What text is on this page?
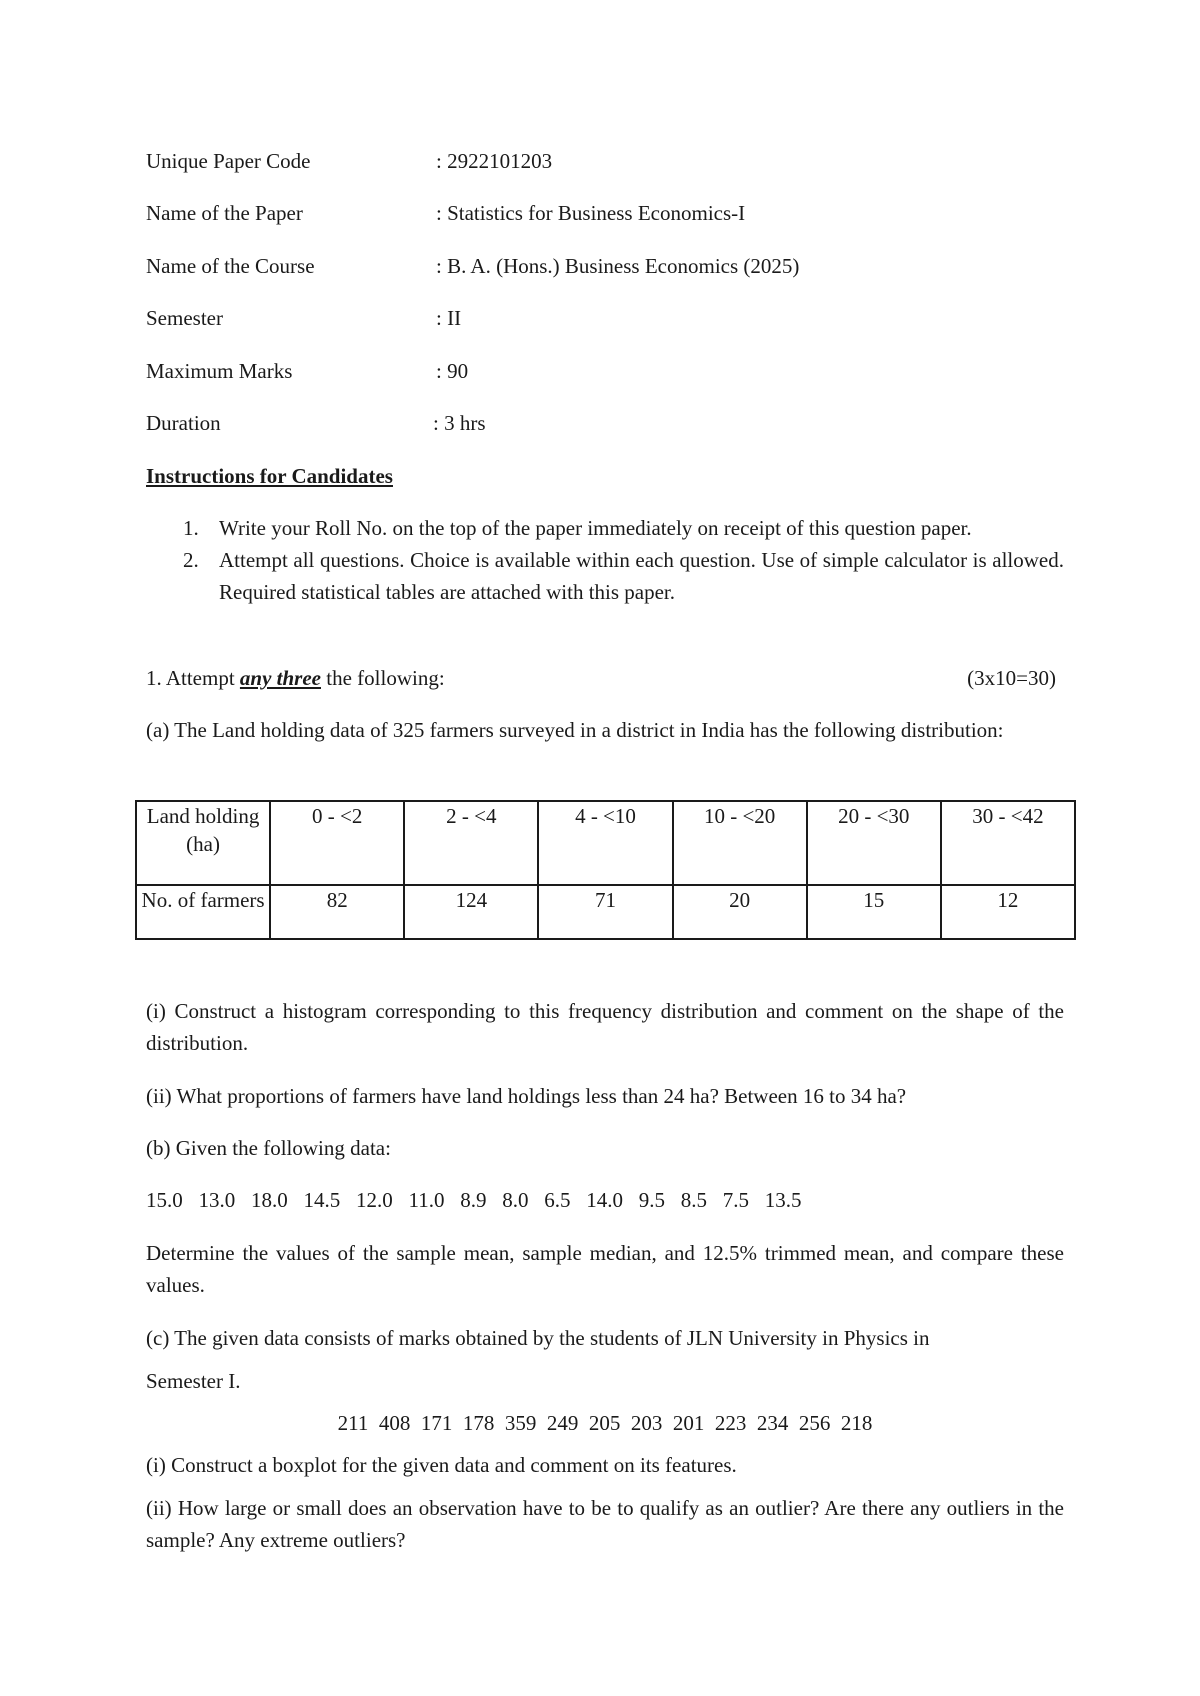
Unique Paper Code	: 2922101203
Name of the Paper	: Statistics for Business Economics-I
Name of the Course	: B. A. (Hons.) Business Economics (2025)
Semester	: II
Maximum Marks	: 90
Duration	: 3 hrs
Instructions for Candidates
1. Write your Roll No. on the top of the paper immediately on receipt of this question paper.
2. Attempt all questions. Choice is available within each question. Use of simple calculator is allowed. Required statistical tables are attached with this paper.
1. Attempt any three the following:	(3x10=30)
(a) The Land holding data of 325 farmers surveyed in a district in India has the following distribution:
Land holding (ha)	0 - <2	2 - <4	4 - <10	10 - <20	20 - <30	30 - <42
No. of farmers	82	124	71	20	15	12
(i) Construct a histogram corresponding to this frequency distribution and comment on the shape of the distribution.
(ii) What proportions of farmers have land holdings less than 24 ha? Between 16 to 34 ha?
(b) Given the following data:
15.0   13.0   18.0   14.5   12.0   11.0   8.9   8.0   6.5   14.0   9.5   8.5   7.5   13.5
Determine the values of the sample mean, sample median, and 12.5% trimmed mean, and compare these values.
(c) The given data consists of marks obtained by the students of JLN University in Physics in
Semester I.
211  408  171  178  359  249  205  203  201  223  234  256  218
(i) Construct a boxplot for the given data and comment on its features.
(ii) How large or small does an observation have to be to qualify as an outlier? Are there any outliers in the sample? Any extreme outliers?
